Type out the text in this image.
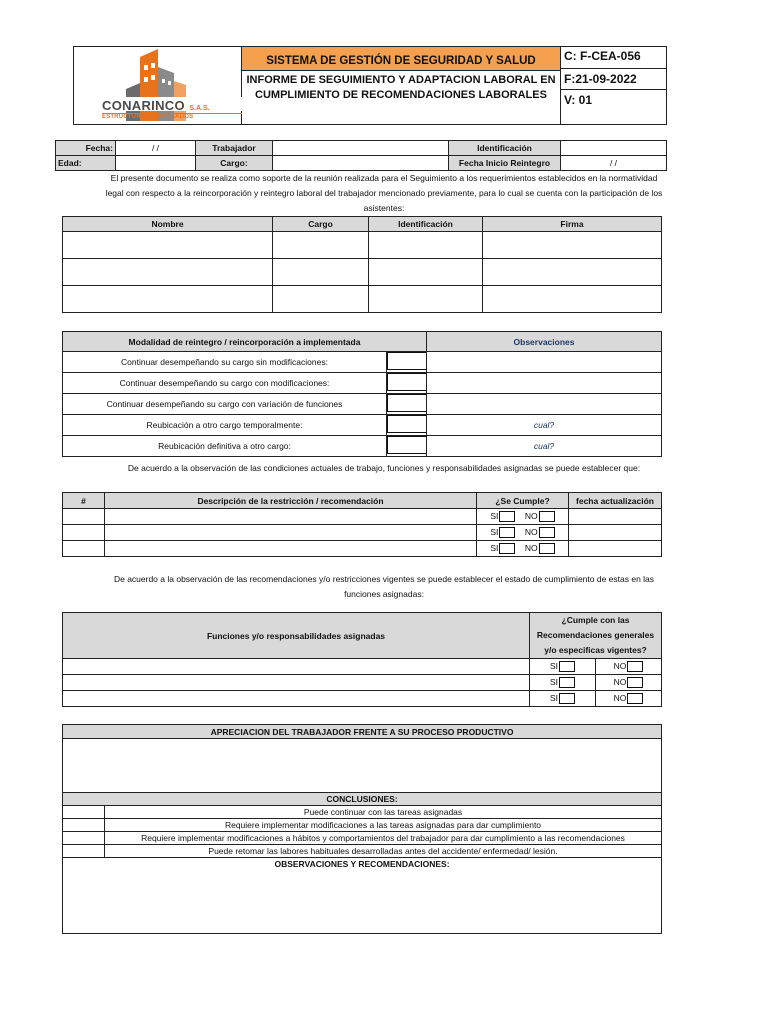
CONARINCO S.A.S.
ESTRUCTURAS Y ACABADOS
SISTEMA DE GESTIÓN DE SEGURIDAD Y SALUD
INFORME DE SEGUIMIENTO Y ADAPTACION LABORAL EN
CUMPLIMIENTO DE RECOMENDACIONES LABORALES
C: F-CEA-056
F:21-09-2022
V: 01
Fecha:	/ /	Trabajador		Identificación	
Edad:		Cargo:		Fecha Inicio Reintegro	/ /
El presente documento se realiza como soporte de la reunión realizada para el Seguimiento a los requerimientos establecidos en la normatividad
legal con respecto a la reincorporación y reintegro laboral del trabajador mencionado previamente, para lo cual se cuenta con la participación de los
asistentes:
Nombre	Cargo	Identificación	Firma

Modalidad de reintegro / reincorporación a implementada		Observaciones
Continuar desempeñando su cargo sin modificaciones:		
Continuar desempeñando su cargo con modificaciones:		
Continuar desempeñando su cargo con variación de funciones		
Reubicación a otro cargo temporalmente:		cual?
Reubicación definitiva a otro cargo:		cual?
De acuerdo a la observación de las condiciones actuales de trabajo, funciones y responsabilidades asignadas se puede establecer que:
#	Descripción de la restricción / recomendación	¿Se Cumple?	fecha actualización
		SI NO	
		SI NO	
		SI NO	
De acuerdo a la observación de las recomendaciones y/o restricciones vigentes se puede establecer el estado de cumplimiento de estas en las
funciones asignadas:
Funciones y/o responsabilidades asignadas	¿Cumple con las
Recomendaciones generales
y/o especificas vigentes?	

	SI	NO
	SI	NO
	SI	NO
APRECIACION DEL TRABAJADOR FRENTE A SU PROCESO PRODUCTIVO	

CONCLUSIONES:	
	Puede continuar con las tareas asignadas
	Requiere implementar modificaciones a las tareas asignadas para dar cumplimiento
	Requiere implementar modificaciones a hábitos y comportamientos del trabajador para dar cumplimiento a las recomendaciones
	Puede retomar las labores habituales desarrolladas antes del accidente/ enfermedad/ lesión.
OBSERVACIONES Y RECOMENDACIONES:	
